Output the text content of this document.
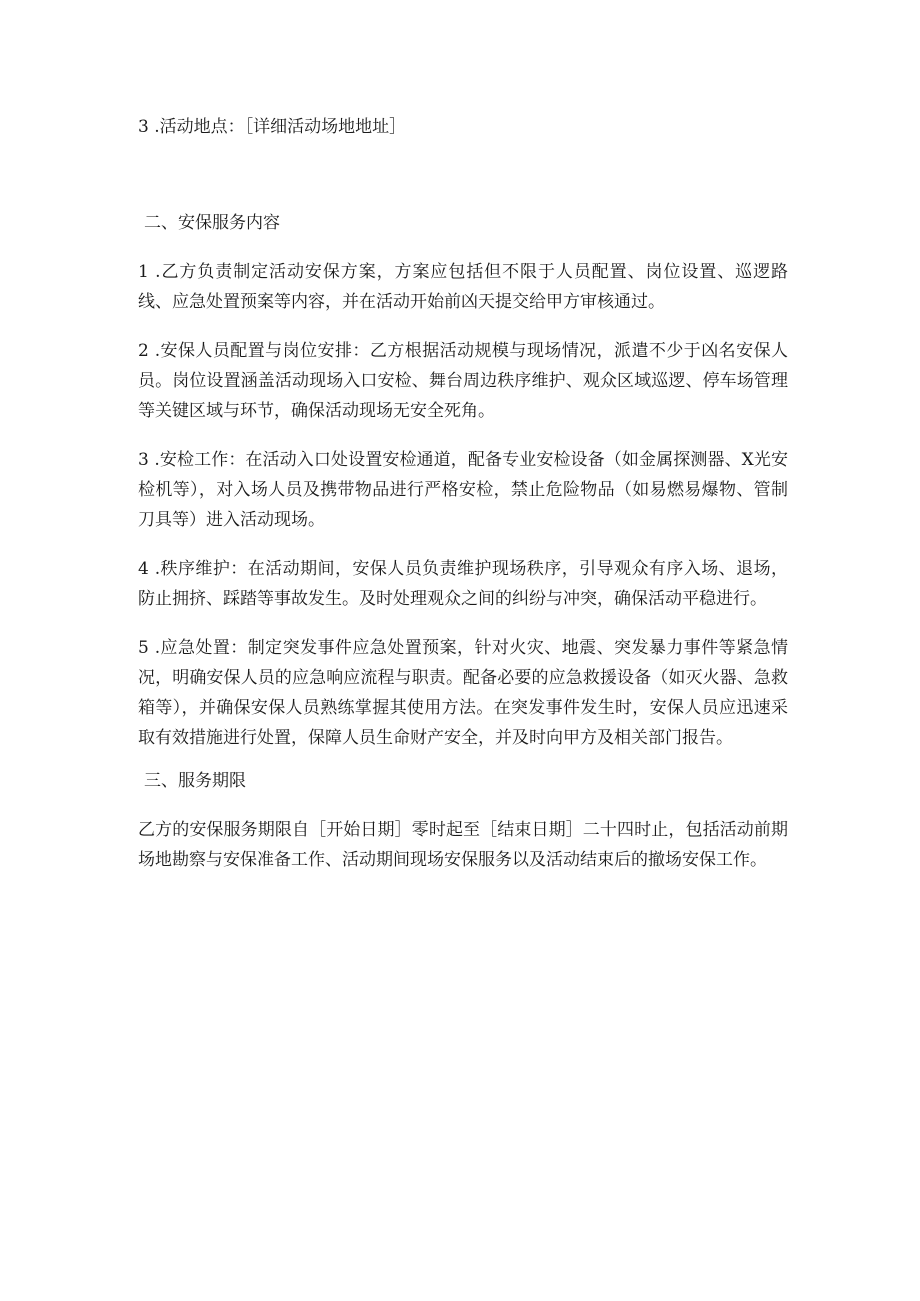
3 .活动地点：［详细活动场地地址］

二、安保服务内容

1 .乙方负责制定活动安保方案，方案应包括但不限于人员配置、岗位设置、巡逻路线、应急处置预案等内容，并在活动开始前凶天提交给甲方审核通过。

2 .安保人员配置与岗位安排：乙方根据活动规模与现场情况，派遣不少于凶名安保人员。岗位设置涵盖活动现场入口安检、舞台周边秩序维护、观众区域巡逻、停车场管理等关键区域与环节，确保活动现场无安全死角。

3 .安检工作：在活动入口处设置安检通道，配备专业安检设备（如金属探测器、X光安检机等），对入场人员及携带物品进行严格安检，禁止危险物品（如易燃易爆物、管制刀具等）进入活动现场。

4 .秩序维护：在活动期间，安保人员负责维护现场秩序，引导观众有序入场、退场，防止拥挤、踩踏等事故发生。及时处理观众之间的纠纷与冲突，确保活动平稳进行。

5 .应急处置：制定突发事件应急处置预案，针对火灾、地震、突发暴力事件等紧急情况，明确安保人员的应急响应流程与职责。配备必要的应急救援设备（如灭火器、急救箱等），并确保安保人员熟练掌握其使用方法。在突发事件发生时，安保人员应迅速采取有效措施进行处置，保障人员生命财产安全，并及时向甲方及相关部门报告。

三、服务期限

乙方的安保服务期限自［开始日期］零时起至［结束日期］二十四时止，包括活动前期场地勘察与安保准备工作、活动期间现场安保服务以及活动结束后的撤场安保工作。
